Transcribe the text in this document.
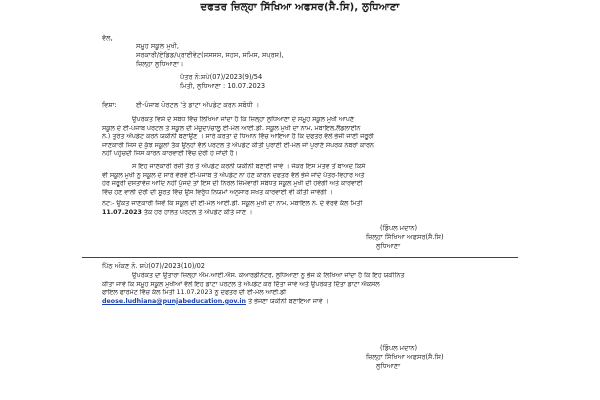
ਦਫਤਰ ਜ਼ਿਲ੍ਹਾ ਸਿੱਖਿਆ ਅਫਸਰ(ਸੈ.ਸਿ), ਲੁਧਿਆਣਾ
ਵੱਲ,
ਸਮੂਹ ਸਕੂਲ ਮੁਖੀ,
ਸਰਕਾਰੀ/ਏਡਿਡ/ਪ੍ਰਾਈਵੇਟ(ਸਸਸਸ, ਸਹਸ, ਸਮਿਸ, ਸਪ੍ਰਸ),
ਜ਼ਿਲ੍ਹਾ ਲੁਧਿਆਣਾ।
ਪੱਤਰ ਨੰ:ਸ਼ਪੇ(07)/2023(9)/54
ਮਿਤੀ, ਲੁਧਿਆਣਾ : 10.07.2023
ਵਿਸ਼ਾ:	ਈ-ਪੰਜਾਬ ਪੋਰਟਲ 'ਤੇ ਡਾਟਾ ਅੱਪਡੇਟ ਕਰਨ ਸਬੰਧੀ ।
ਉਪਰੋਕਤ ਵਿਸ਼ੇ ਦੇ ਸਬੰਧ ਵਿੱਚ ਲਿਖਿਆ ਜਾਂਦਾ ਹੈ ਕਿ ਜ਼ਿਲ੍ਹਾ ਲੁਧਿਆਣਾ ਦੇ ਸਮੂਹ ਸਕੂਲ ਮੁਖੀ ਆਪਣੇ
ਸਕੂਲ ਦੇ ਈ-ਪੰਜਾਬ ਪੋਰਟਲ ਤੇ ਸਕੂਲ ਦੀ ਮੌਜੂਦਾ/ਚਾਲੂ ਈ-ਮੇਲ ਆਈ.ਡੀ. ਸਕੂਲ ਮੁਖੀ ਦਾ ਨਾਮ, ਮੋਬਾਇਲ,ਲੈਂਡਲਾਈਨ
ਨੰ.) ਤੁਰੰਤ ਅੱਪਡੇਟ ਕਰਨੇ ਯਕੀਨੀ ਬਣਾਉਣ । ਸਾਰੇ ਕਰਤਾ ਦੇ ਧਿਆਨ ਵਿੱਚ ਆਇਆ ਹੈ ਕਿ ਦਫਤਰ ਵੱਲੋਂ ਭੇਜੀ ਜਾਣੀ ਜਰੂਰੀ
ਜਾਣਕਾਰੀ ਜਿਸ ਦੇ ਕੁੱਝ ਸਕੂਲਾਂ ਤੱਕ ਉਨ੍ਹਾਂ ਵੱਲੋਂ ਪੋਰਟਲ ਤੇ ਅੱਪਡੇਟ ਕੀਤੀ ਪੁਰਾਣੀ ਈ-ਮੇਲ ਜਾਂ ਪੁਰਾਣੇ ਸੰਪਰਕ ਨੰਬਰਾਂ ਕਾਰਨ
ਨਹੀਂ ਪਹੁੰਚਦੀ ਜਿਸ ਕਾਰਨ ਕਾਰਵਾਈ ਵਿੱਚ ਦੇਰੀ ਹੋ ਜਾਂਦੀ ਹੈ।
ਸੋ ਇਹ ਜਾਣਕਾਰੀ ਰੋਜ਼ੀ ਤੌਰ ਤੇ ਅੱਪਡੇਟ ਕਰਨੀ ਯਕੀਨੀ ਬਣਾਈ ਜਾਵੇ । ਜੇਕਰ ਇਸ ਮੰਤਵ ਤੋਂ ਬਾਅਦ ਕਿਸੇ
ਵੀ ਸਕੂਲ ਮੁਖੀ ਨੂੰ ਸਕੂਲ ਦੇ ਸਾਰੇ ਵੇਰਵੇ ਈ-ਪੰਜਾਬ ਤੇ ਅੱਪਡੇਟ ਨਾ ਹੋਣ ਕਾਰਨ ਦਫਤਰ ਵੱਲੋਂ ਭੇਜੇ ਜਾਂਦੇ ਪੱਤਰ-ਵਿਹਾਰ ਅਤੇ
ਹੋਰ ਜਰੂਰੀ ਦਸਤਾਵੇਜ਼ ਆਦਿ ਨਹੀਂ ਪੁੱਜਦੇ ਤਾਂ ਇਸ ਦੀ ਨਿਰੋਲ ਜ਼ਿੰਮੇਵਾਰੀ ਸਬੰਧਤ ਸਕੂਲ ਮੁਖੀ ਦੀ ਹੋਵੇਗੀ ਅਤੇ ਕਾਰਵਾਈ
ਵਿੱਚ ਹੋਣ ਵਾਲੀ ਦੇਰੀ ਦੀ ਸੂਰਤ ਵਿੱਚ ਉਸ ਵਿਰੁੱਧ ਨਿਯਮਾਂ ਅਨੁਸਾਰ ਸਖਤ ਕਾਰਵਾਈ ਵੀ ਕੀਤੀ ਜਾਵੇਗੀ ।
ਨੋਟ:- ਉਕਤ ਜਾਣਕਾਰੀ ਜਿਵੇਂ ਕਿ ਸਕੂਲ ਦੀ ਈ-ਮੇਲ ਆਈ.ਡੀ. ਸਕੂਲ ਮੁਖੀ ਦਾ ਨਾਮ, ਮੋਬਾਇਲ ਨੰ. ਦੇ ਵੇਰਵੇ ਕੱਲ ਮਿਤੀ
11.07.2023 ਤੱਕ ਹਰ ਹਾਲਤ ਪੋਰਟਲ ਤੇ ਅੱਪਡੇਟ ਕੀਤੇ ਜਾਣ ।
(ਡਿੰਪਲ ਮਦਾਨ)
ਜ਼ਿਲ੍ਹਾ ਸਿੱਖਿਆ ਅਫਸਰ(ਸੈ.ਸਿ)
ਲੁਧਿਆਣਾ
ਪਿੱਠ ਅੰਕਣ ਨੰ. ਸ਼ਪੇ(07)/2023(10)/02
ਉਪਰੋਕਤ ਦਾ ਉਤਾਰਾ ਜ਼ਿਲ੍ਹਾ ਐਮ.ਆਈ.ਐਸ. ਕੋਆਰਡੀਨੇਟਰ, ਲੁਧਿਆਣਾ ਨੂੰ ਭੇਜ ਕੇ ਲਿਖਿਆ ਜਾਂਦਾ ਹੈ ਕਿ ਇਹ ਯਕੀਨਿਤ
ਕੀਤਾ ਜਾਵੇ ਕਿ ਸਮੂਹ ਸਕੂਲ ਮੁਖੀਆਂ ਵੱਲੋਂ ਇਹ ਡਾਟਾ ਪੋਰਟਲ ਤੇ ਅੱਪਡੇਟ ਕਰ ਦਿੱਤਾ ਜਾਵੇ ਅਤੇ ਉਪਰੋਕਤ ਦਿੱਤਾ ਡਾਟਾ ਐਕਸਲ
ਫਾਇਲ ਫਾਰਮੇਟ ਵਿੱਚ ਕੱਲ ਮਿਤੀ 11.07.2023 ਨੂੰ ਦਫਤਰ ਦੀ ਈ-ਮੇਲ ਆਈ.ਡੀ
deose.ludhiana@punjabeducation.gov.in ਤੇ ਭੇਜਣਾ ਯਕੀਨੀ ਬਣਾਇਆ ਜਾਵੇ ।
(ਡਿੰਪਲ ਮਦਾਨ)
ਜ਼ਿਲ੍ਹਾ ਸਿੱਖਿਆ ਅਫਸਰ(ਸੈ.ਸਿ)
ਲੁਧਿਆਣਾ
